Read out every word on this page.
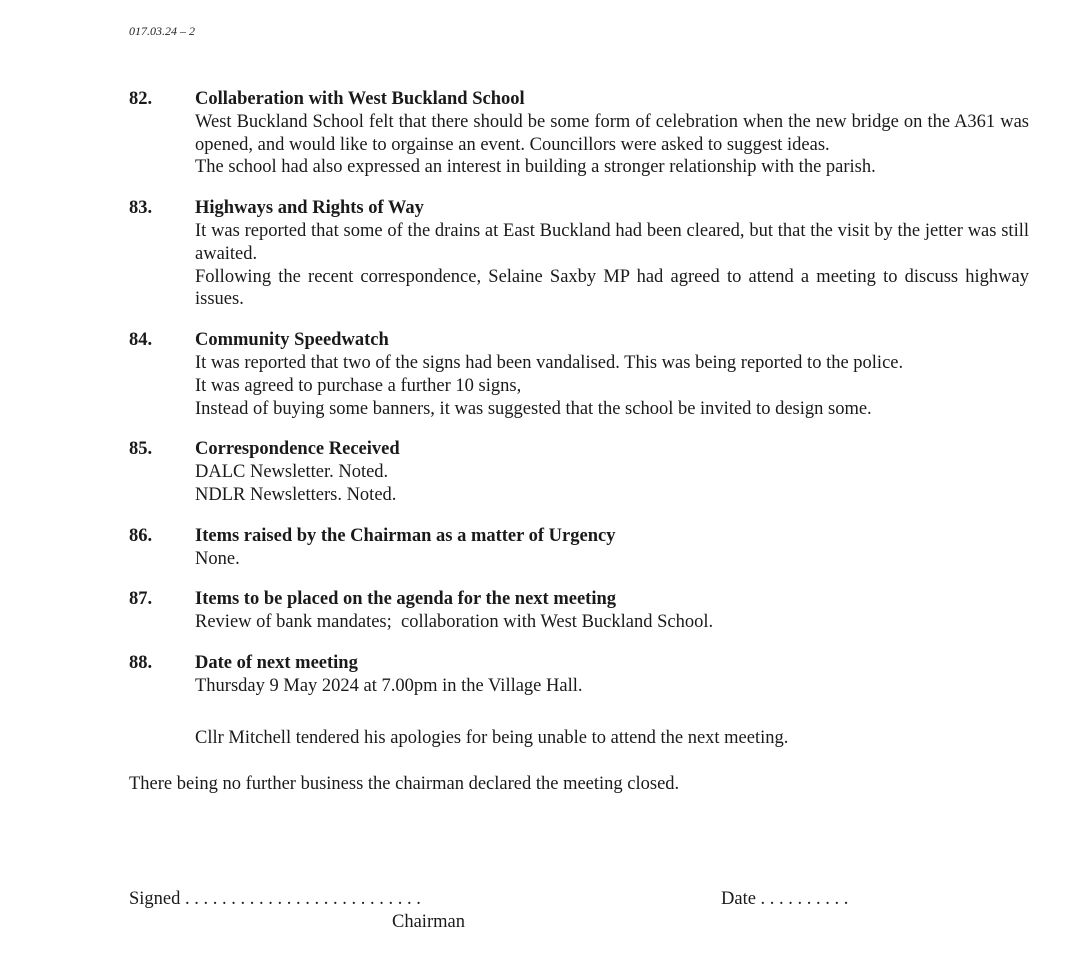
017.03.24 – 2
82.	Collaberation with West Buckland School
West Buckland School felt that there should be some form of celebration when the new bridge on the A361 was opened, and would like to orgainse an event. Councillors were asked to suggest ideas.
The school had also expressed an interest in building a stronger relationship with the parish.
83.	Highways and Rights of Way
It was reported that some of the drains at East Buckland had been cleared, but that the visit by the jetter was still awaited.
Following the recent correspondence, Selaine Saxby MP had agreed to attend a meeting to discuss highway issues.
84.	Community Speedwatch
It was reported that two of the signs had been vandalised. This was being reported to the police.
It was agreed to purchase a further 10 signs,
Instead of buying some banners, it was suggested that the school be invited to design some.
85.	Correspondence Received
DALC Newsletter. Noted.
NDLR Newsletters. Noted.
86.	Items raised by the Chairman as a matter of Urgency
None.
87.	Items to be placed on the agenda for the next meeting
Review of bank mandates;  collaboration with West Buckland School.
88.	Date of next meeting
Thursday 9 May 2024 at 7.00pm in the Village Hall.
Cllr Mitchell tendered his apologies for being unable to attend the next meeting.
There being no further business the chairman declared the meeting closed.
Signed . . . . . . . . . . . . . . . . . . . . . . . . . .
Chairman
Date . . . . . . . . . .
